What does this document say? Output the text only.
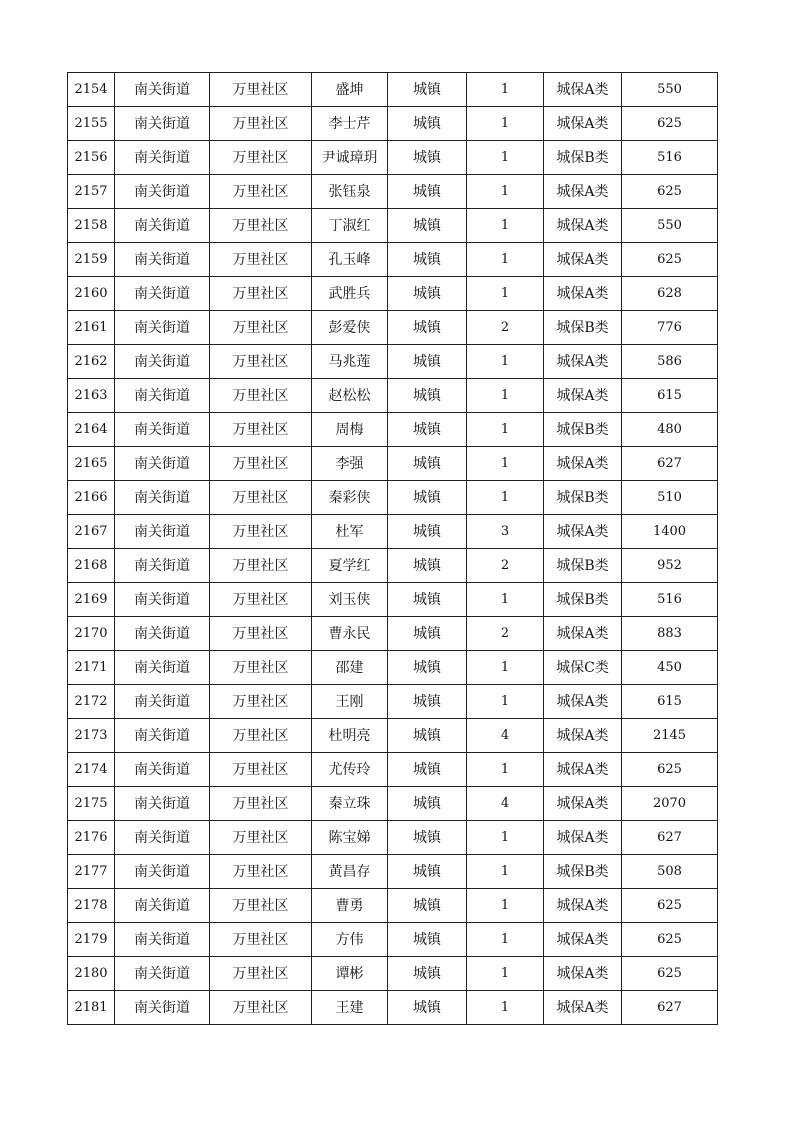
2154	南关街道	万里社区	盛坤	城镇	1	城保A类	550
2155	南关街道	万里社区	李士芹	城镇	1	城保A类	625
2156	南关街道	万里社区	尹诚璋玥	城镇	1	城保B类	516
2157	南关街道	万里社区	张钰泉	城镇	1	城保A类	625
2158	南关街道	万里社区	丁淑红	城镇	1	城保A类	550
2159	南关街道	万里社区	孔玉峰	城镇	1	城保A类	625
2160	南关街道	万里社区	武胜兵	城镇	1	城保A类	628
2161	南关街道	万里社区	彭爱侠	城镇	2	城保B类	776
2162	南关街道	万里社区	马兆莲	城镇	1	城保A类	586
2163	南关街道	万里社区	赵松松	城镇	1	城保A类	615
2164	南关街道	万里社区	周梅	城镇	1	城保B类	480
2165	南关街道	万里社区	李强	城镇	1	城保A类	627
2166	南关街道	万里社区	秦彩侠	城镇	1	城保B类	510
2167	南关街道	万里社区	杜军	城镇	3	城保A类	1400
2168	南关街道	万里社区	夏学红	城镇	2	城保B类	952
2169	南关街道	万里社区	刘玉侠	城镇	1	城保B类	516
2170	南关街道	万里社区	曹永民	城镇	2	城保A类	883
2171	南关街道	万里社区	邵建	城镇	1	城保C类	450
2172	南关街道	万里社区	王刚	城镇	1	城保A类	615
2173	南关街道	万里社区	杜明亮	城镇	4	城保A类	2145
2174	南关街道	万里社区	尤传玲	城镇	1	城保A类	625
2175	南关街道	万里社区	秦立珠	城镇	4	城保A类	2070
2176	南关街道	万里社区	陈宝娣	城镇	1	城保A类	627
2177	南关街道	万里社区	黄昌存	城镇	1	城保B类	508
2178	南关街道	万里社区	曹勇	城镇	1	城保A类	625
2179	南关街道	万里社区	方伟	城镇	1	城保A类	625
2180	南关街道	万里社区	谭彬	城镇	1	城保A类	625
2181	南关街道	万里社区	王建	城镇	1	城保A类	627
